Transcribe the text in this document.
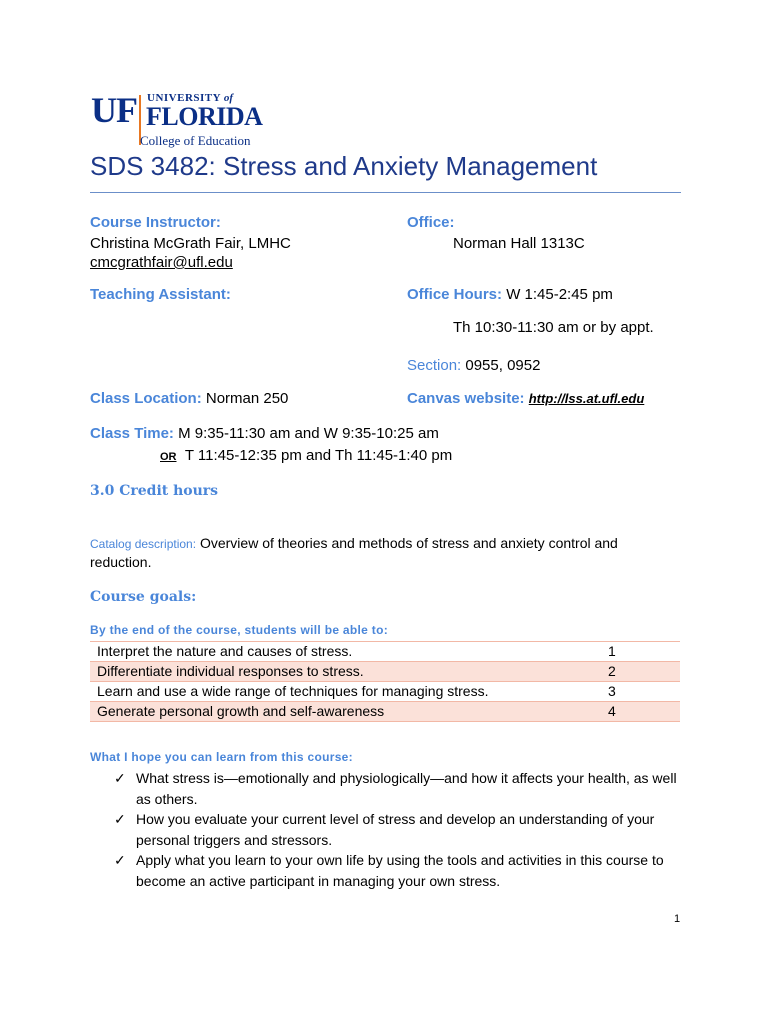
UF UNIVERSITY of
FLORIDA
College of Education
SDS 3482: Stress and Anxiety Management
Course Instructor:
Christina McGrath Fair, LMHC
cmcgrathfair@ufl.edu
Office:
Norman Hall 1313C
Teaching Assistant:	Office Hours: W 1:45-2:45 pm
Th 10:30-11:30 am or by appt.
Section: 0955, 0952
Class Location: Norman 250	Canvas website: http://lss.at.ufl.edu
Class Time: M 9:35-11:30 am and W 9:35-10:25 am
OR T 11:45-12:35 pm and Th 11:45-1:40 pm
3.0 Credit hours
Catalog description: Overview of theories and methods of stress and anxiety control and
reduction.
Course goals:
By the end of the course, students will be able to:
Interpret the nature and causes of stress.	1
Differentiate individual responses to stress.	2
Learn and use a wide range of techniques for managing stress.	3
Generate personal growth and self-awareness	4
What I hope you can learn from this course:
✓ What stress is—emotionally and physiologically—and how it affects your health, as well as others.
✓ How you evaluate your current level of stress and develop an understanding of your personal triggers and stressors.
✓ Apply what you learn to your own life by using the tools and activities in this course to become an active participant in managing your own stress.
1
